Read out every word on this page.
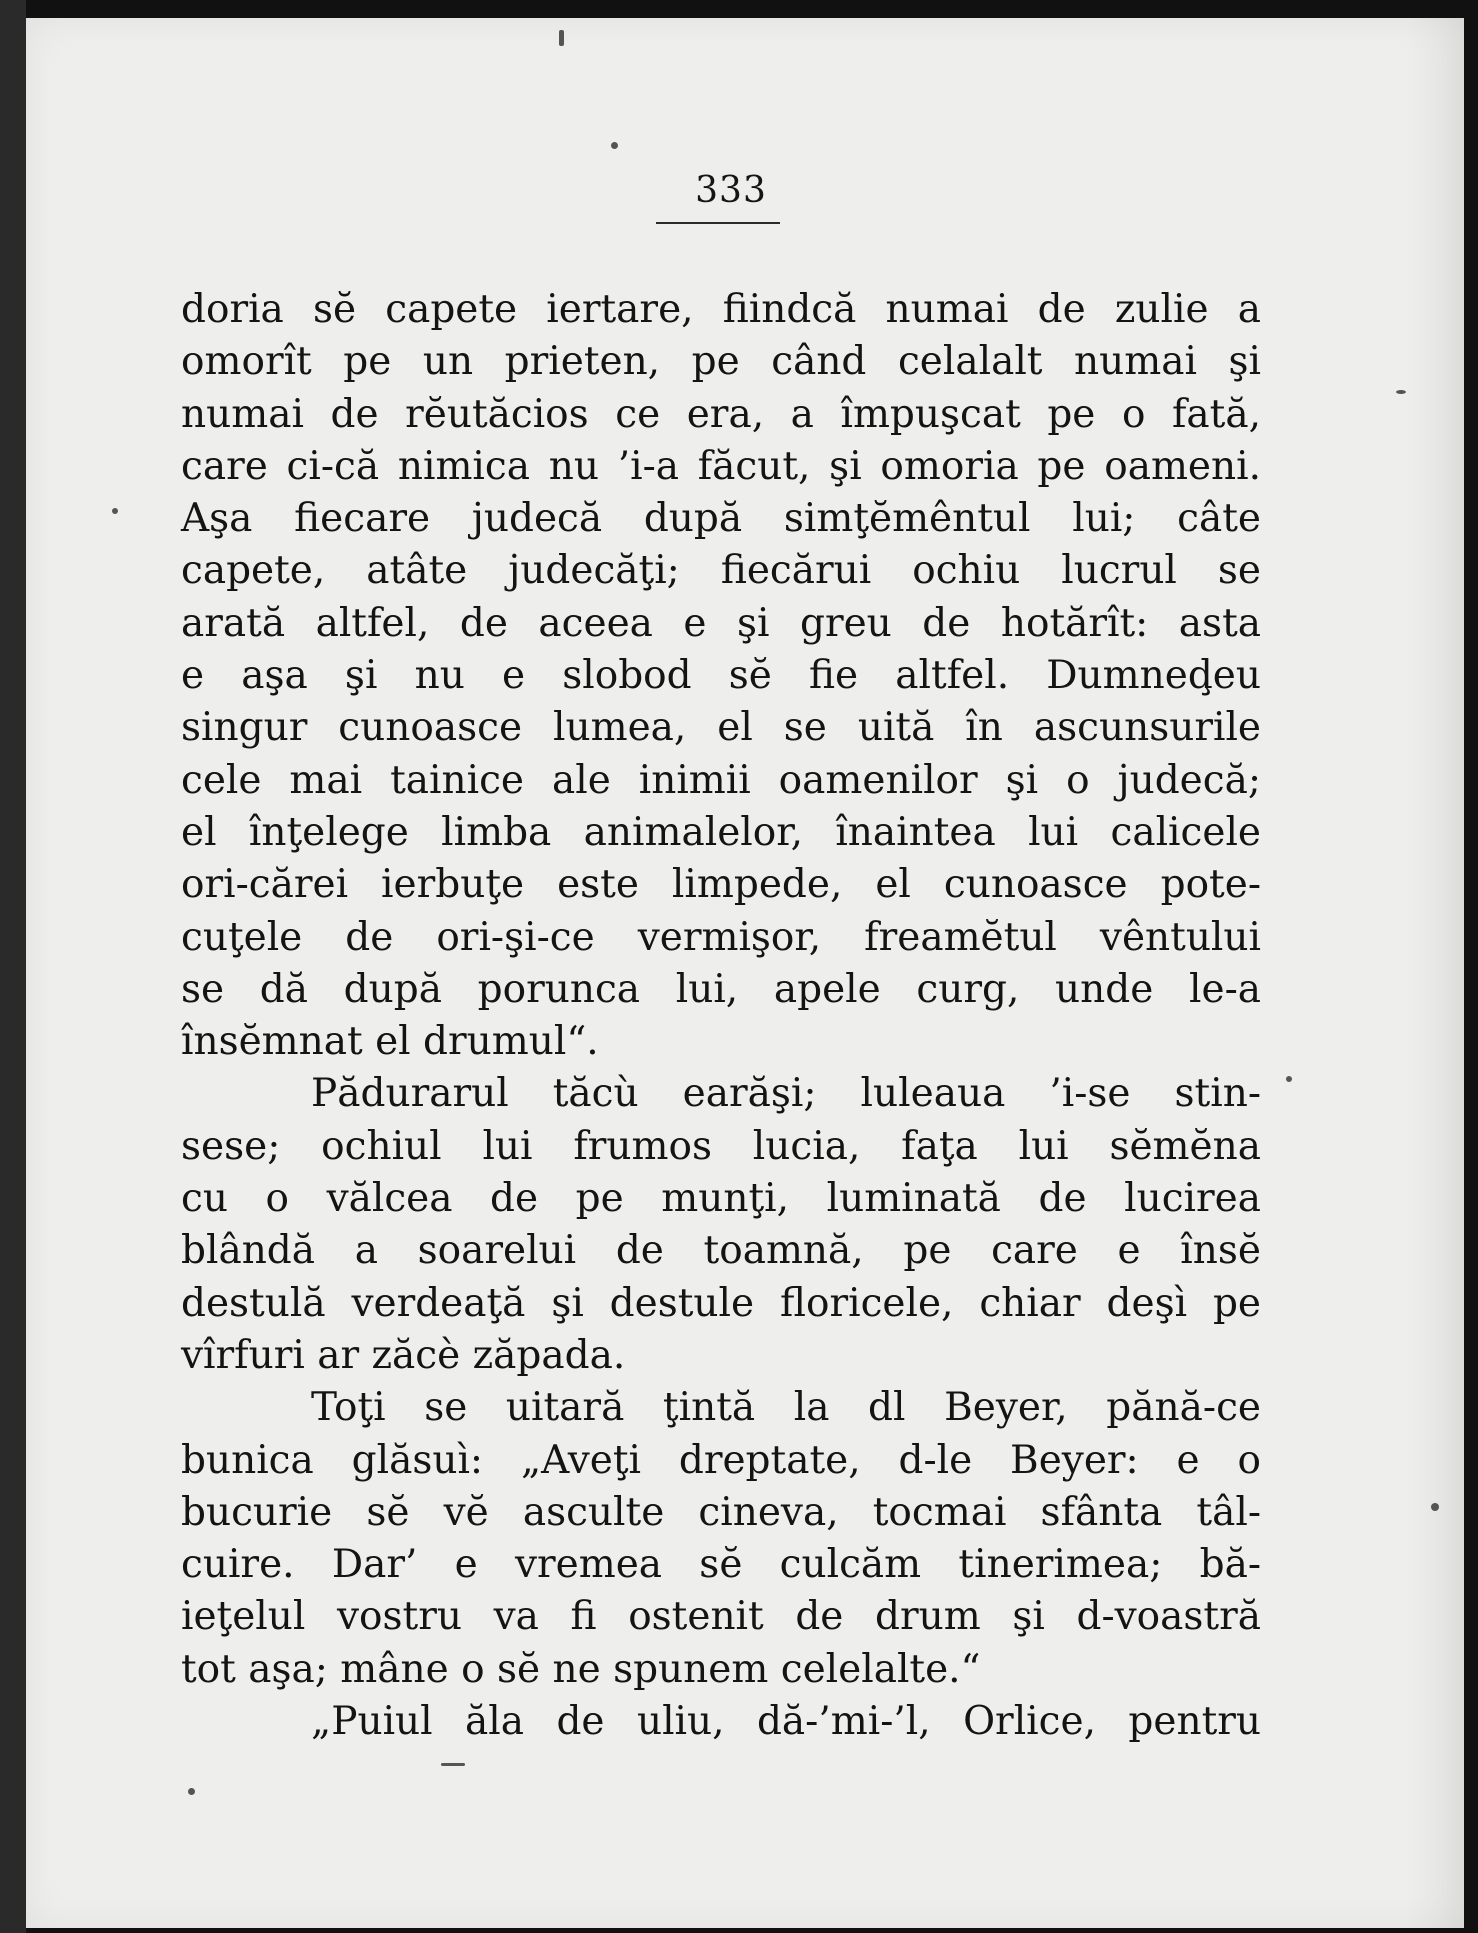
333
doria sĕ capete iertare, fiindcă numai de zulie a
omorît pe un prieten, pe când celalalt numai şi
numai de rĕutăcios ce era, a împuşcat pe o fată,
care ci-că nimica nu ’i-a făcut, şi omoria pe oameni.
Aşa fiecare judecă după simţĕmêntul lui; câte
capete, atâte judecăţi; fiecărui ochiu lucrul se
arată altfel, de aceea e şi greu de hotărît: asta
e aşa şi nu e slobod sĕ fie altfel. Dumneḑeu
singur cunoasce lumea, el se uită în ascunsurile
cele mai tainice ale inimii oamenilor şi o judecă;
el înţelege limba animalelor, înaintea lui calicele
ori-cărei ierbuţe este limpede, el cunoasce pote-
cuţele de ori-şi-ce vermişor, freamĕtul vêntului
se dă după porunca lui, apele curg, unde le-a
însĕmnat el drumul“.
Pădurarul tăcù earăşi; luleaua ’i-se stin-
sese; ochiul lui frumos lucia, faţa lui sĕmĕna
cu o vălcea de pe munţi, luminată de lucirea
blândă a soarelui de toamnă, pe care e însĕ
destulă verdeaţă şi destule floricele, chiar deşì pe
vîrfuri ar zăcè zăpada.
Toţi se uitară ţintă la dl Beyer, pănă-ce
bunica glăsuì: „Aveţi dreptate, d-le Beyer: e o
bucurie sĕ vĕ asculte cineva, tocmai sfânta tâl-
cuire. Dar’ e vremea sĕ culcăm tinerimea; bă-
ieţelul vostru va fi ostenit de drum şi d-voastră
tot aşa; mâne o sĕ ne spunem celelalte.“
„Puiul ăla de uliu, dă-’mi-’l, Orlice, pentru
